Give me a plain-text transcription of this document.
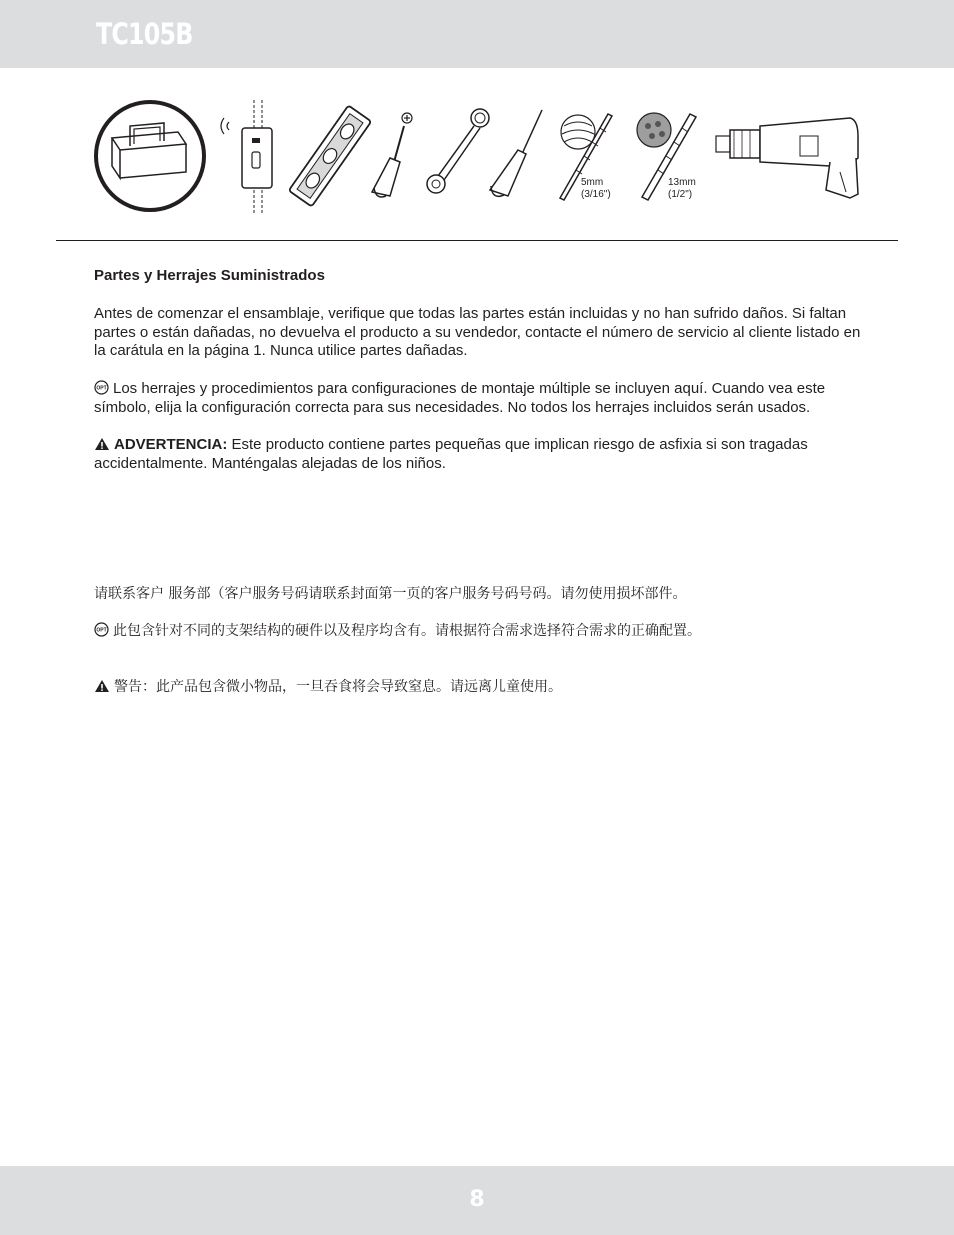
TC105B
5mm
(3/16")
13mm
(1/2")
Partes y Herrajes Suministrados
Antes de comenzar el ensamblaje, verifique que todas las partes están incluidas y no han sufrido daños. Si faltan partes o están dañadas, no devuelva el producto a su vendedor, contacte el número de servicio al cliente listado en la carátula en la página 1. Nunca utilice partes dañadas.
OPT Los herrajes y procedimientos para configuraciones de montaje múltiple se incluyen aquí. Cuando vea este símbolo, elija la configuración correcta para sus necesidades. No todos los herrajes incluidos serán usados.
ADVERTENCIA: Este producto contiene partes pequeñas que implican riesgo de asfixia si son tragadas accidentalmente. Manténgalas alejadas de los niños.
请联系客户 服务部（客户服务号码请联系封面第一页的客户服务号码号码。请勿使用损坏部件。
OPT 此包含针对不同的支架结构的硬件以及程序均含有。请根据符合需求选择符合需求的正确配置。
警告：此产品包含微小物品，一旦吞食将会导致窒息。请远离儿童使用。
8
